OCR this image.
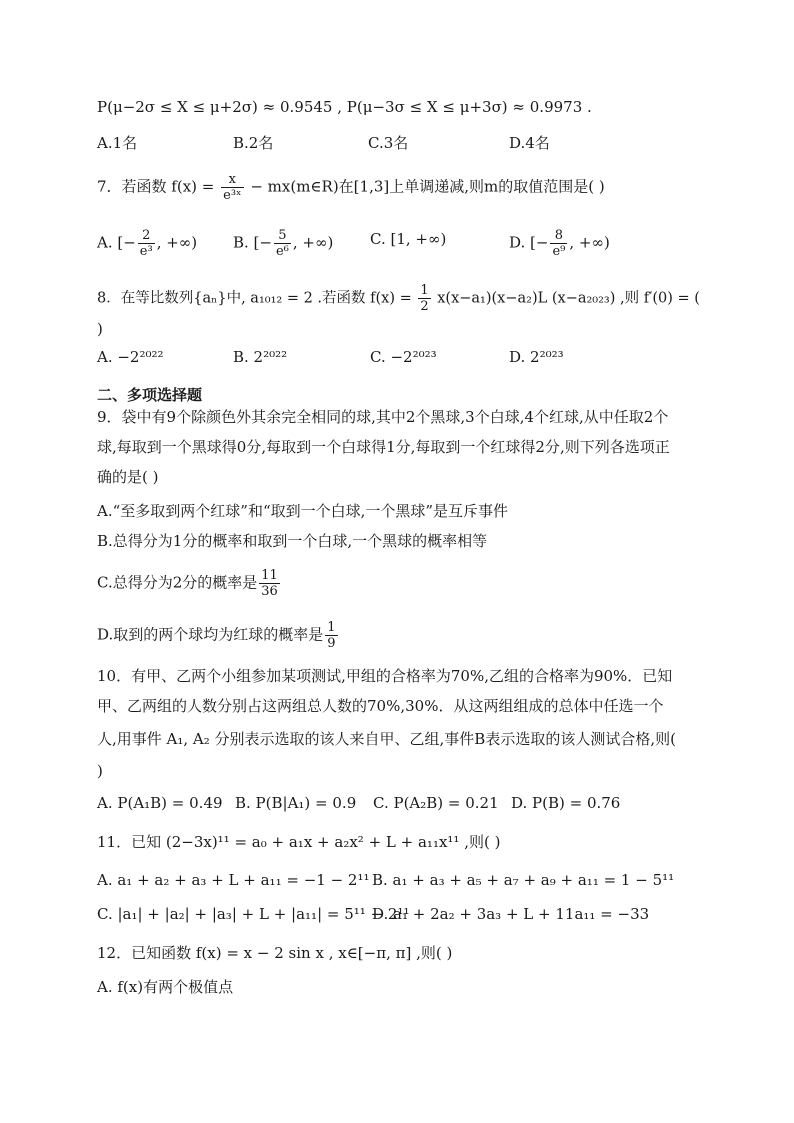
P(μ−2σ ≤ X ≤ μ+2σ) ≈ 0.9545 , P(μ−3σ ≤ X ≤ μ+3σ) ≈ 0.9973 .
A.1名	B.2名	C.3名	D.4名
7．若函数 $f(x) = \frac{x}{\text{e³ˣ}}$ − mx(m∈R)在[1,3]上单调递减,则m的取值范围是( )
A. [− $\frac{2}{\text{e³}}$ , +∞) B. [− $\frac{5}{\text{e⁶}}$ , +∞) C. [1, +∞)	D. [− $\frac{8}{\text{e⁹}}$ , +∞)
8．在等比数列{aₙ}中, a₁₀₁₂ = 2 .若函数 $f(x) = \frac{1}{2} x(x-a_1)(x-a_2)L$ (x−a₂₀₂₃) ,则 f′(0) = (
)
A. −2²⁰²²	B. 2²⁰²²	C. −2²⁰²³	D. 2²⁰²³
二、多项选择题
9．袋中有9个除颜色外其余完全相同的球,其中2个黑球,3个白球,4个红球,从中任取2个
球,每取到一个黑球得0分,每取到一个白球得1分,每取到一个红球得2分,则下列各选项正
确的是( )
A.“至多取到两个红球”和“取到一个白球,一个黑球”是互斥事件
B.总得分为1分的概率和取到一个白球,一个黑球的概率相等
C.总得分为2分的概率是 $\frac{11}{36}$
D.取到的两个球均为红球的概率是 $\frac{1}{9}$
10．有甲、乙两个小组参加某项测试,甲组的合格率为70%,乙组的合格率为90%．已知
甲、乙两组的人数分别占这两组总人数的70%,30%．从这两组组成的总体中任选一个
人,用事件 A₁, A₂ 分别表示选取的该人来自甲、乙组,事件B表示选取的该人测试合格,则(
)
A. P(A₁B) = 0.49 B. P(B|A₁) = 0.9 C. P(A₂B) = 0.21 D. P(B) = 0.76
11．已知 (2−3x)¹¹ = a₀ + a₁x + a₂x² + L + a₁₁x¹¹ ,则( )
A. a₁ + a₂ + a₃ + L + a₁₁ = −1 − 2¹¹ B. a₁ + a₃ + a₅ + a₇ + a₉ + a₁₁ = 1 − 5¹¹
C. |a₁| + |a₂| + |a₃| + L + |a₁₁| = 5¹¹ − 2¹¹
D. a₁ + 2a₂ + 3a₃ + L + 11a₁₁ = −33
12．已知函数 f(x) = x − 2 sin x , x∈[−π, π] ,则( )
A. f(x)有两个极值点
